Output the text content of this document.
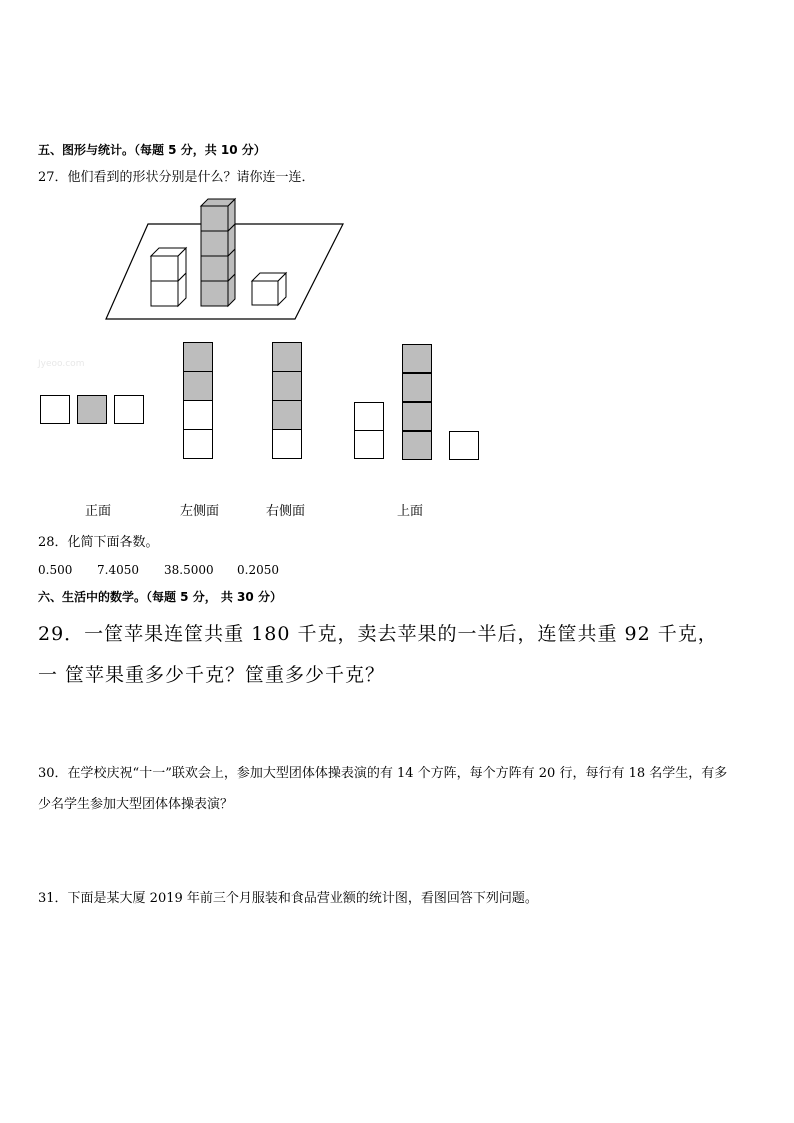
五、图形与统计。（每题 5 分，共 10 分）
27．他们看到的形状分别是什么？请你连一连．
Jyeoo.com
正面	左侧面	右侧面	上面
28．化简下面各数。
0.500 7.4050 38.5000 0.2050
六、生活中的数学。（每题 5 分， 共 30 分）
29．一筐苹果连筐共重 180 千克，卖去苹果的一半后，连筐共重 92 千克，
一 筐苹果重多少千克？筐重多少千克？
30．在学校庆祝“十一”联欢会上，参加大型团体体操表演的有 14 个方阵，每个方阵有 20 行，每行有 18 名学生，有多
少名学生参加大型团体体操表演？
31．下面是某大厦 2019 年前三个月服装和食品营业额的统计图，看图回答下列问题。
